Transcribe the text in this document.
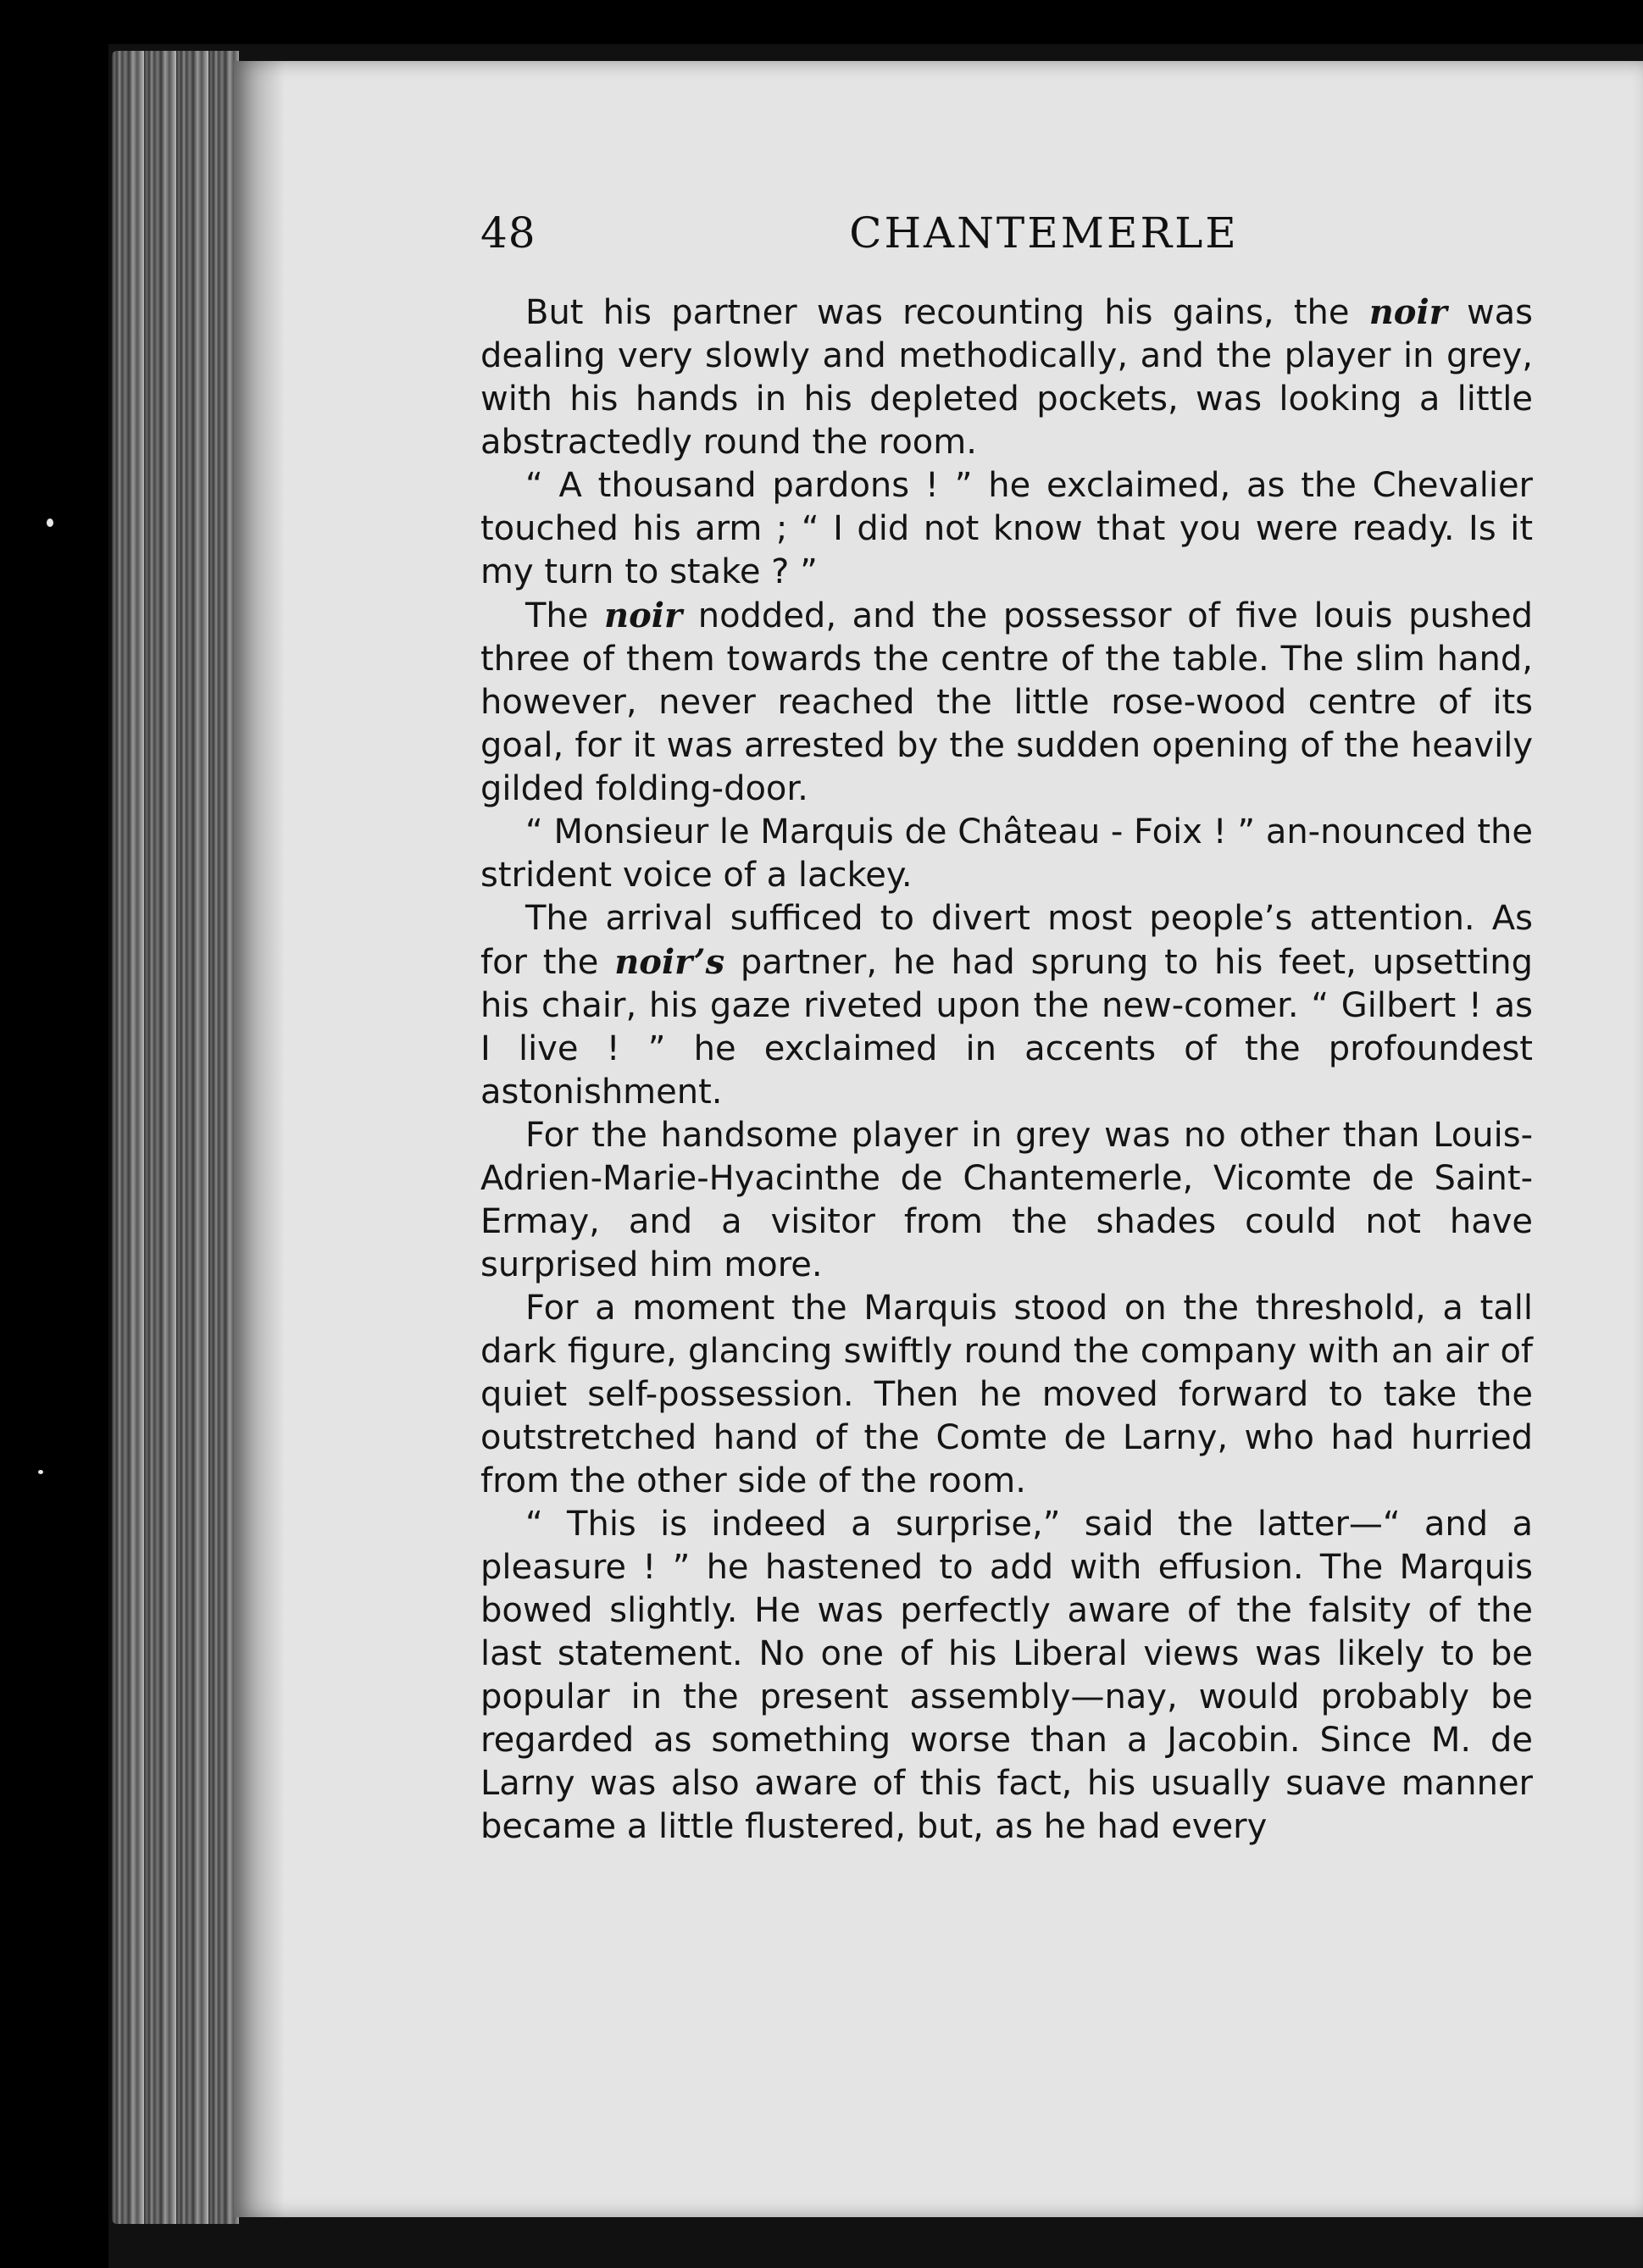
48	CHANTEMERLE

But his partner was recounting his gains, the noir was dealing very slowly and methodically, and the player in grey, with his hands in his depleted pockets, was looking a little abstractedly round the room.

“ A thousand pardons ! ” he exclaimed, as the Chevalier touched his arm ; “ I did not know that you were ready. Is it my turn to stake ? ”

The noir nodded, and the possessor of five louis pushed three of them towards the centre of the table. The slim hand, however, never reached the little rose-wood centre of its goal, for it was arrested by the sudden opening of the heavily gilded folding-door.

“ Monsieur le Marquis de Château - Foix ! ” an-nounced the strident voice of a lackey.

The arrival sufficed to divert most people’s attention. As for the noir’s partner, he had sprung to his feet, upsetting his chair, his gaze riveted upon the new-comer. “ Gilbert ! as I live ! ” he exclaimed in accents of the profoundest astonishment.

For the handsome player in grey was no other than Louis-Adrien-Marie-Hyacinthe de Chantemerle, Vicomte de Saint-Ermay, and a visitor from the shades could not have surprised him more.

For a moment the Marquis stood on the threshold, a tall dark figure, glancing swiftly round the company with an air of quiet self-possession. Then he moved forward to take the outstretched hand of the Comte de Larny, who had hurried from the other side of the room.

“ This is indeed a surprise,” said the latter—“ and a pleasure ! ” he hastened to add with effusion. The Marquis bowed slightly. He was perfectly aware of the falsity of the last statement. No one of his Liberal views was likely to be popular in the present assembly—nay, would probably be regarded as something worse than a Jacobin. Since M. de Larny was also aware of this fact, his usually suave manner became a little flustered, but, as he had every
